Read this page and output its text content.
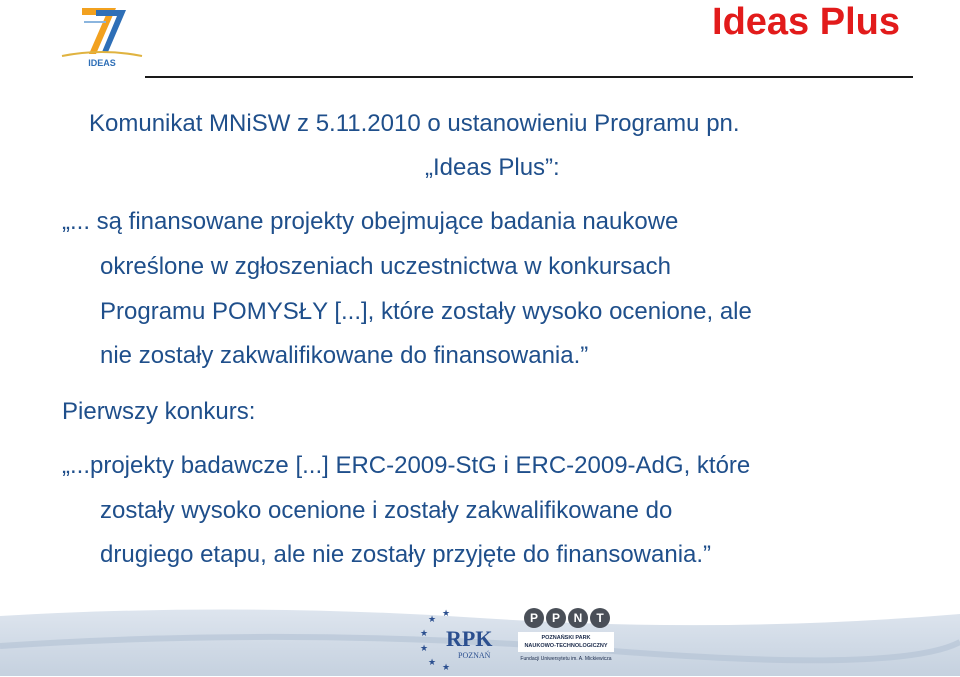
IDEAS
Ideas Plus
Komunikat MNiSW z 5.11.2010 o ustanowieniu Programu pn.
„Ideas Plus”:
„... są finansowane projekty obejmujące badania naukowe
określone w zgłoszeniach uczestnictwa w konkursach
Programu POMYSŁY [...], które zostały wysoko ocenione, ale
nie zostały zakwalifikowane do finansowania.”
Pierwszy konkurs:
„...projekty badawcze [...] ERC-2009-StG i ERC-2009-AdG, które
zostały wysoko ocenione i zostały zakwalifikowane do
drugiego etapu, ale nie zostały przyjęte do finansowania.”
★
★
★
★
★
★
RPK
POZNAŃ
P P N T
POZNAŃSKI PARK
NAUKOWO-TECHNOLOGICZNY
Fundacji Uniwersytetu im. A. Mickiewicza
